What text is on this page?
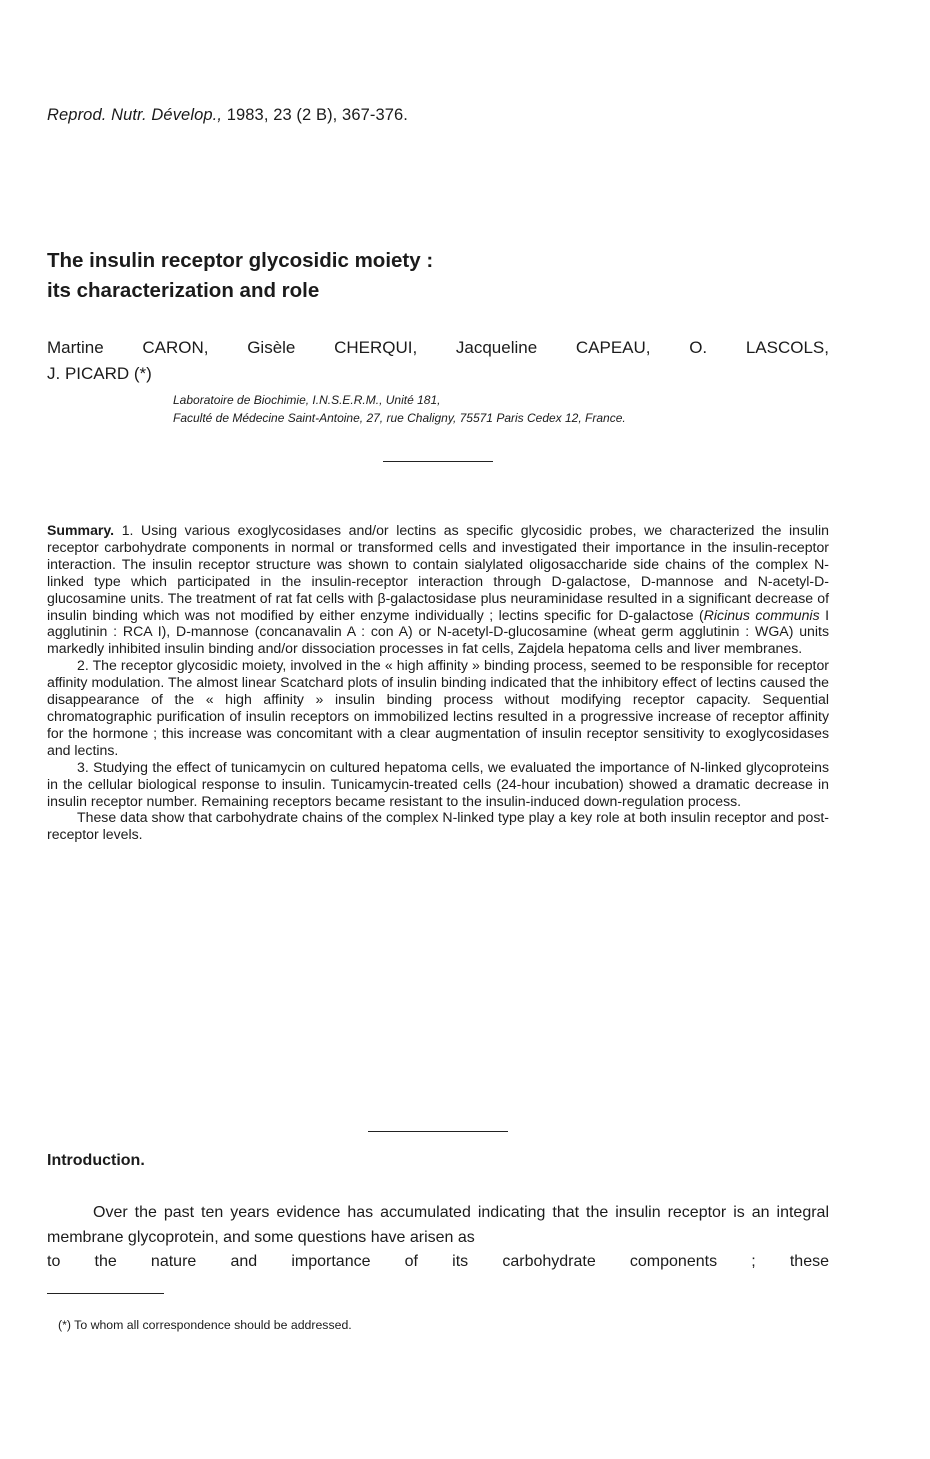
Reprod. Nutr. Dévelop., 1983, 23 (2 B), 367-376.
The insulin receptor glycosidic moiety :
its characterization and role
Martine CARON, Gisèle CHERQUI, Jacqueline CAPEAU, O. LASCOLS,
J. PICARD (*)
Laboratoire de Biochimie, I.N.S.E.R.M., Unité 181,
Faculté de Médecine Saint-Antoine, 27, rue Chaligny, 75571 Paris Cedex 12, France.

Summary. 1. Using various exoglycosidases and/or lectins as specific glycosidic probes, we characterized the insulin receptor carbohydrate components in normal or transformed cells and investigated their importance in the insulin-receptor interaction. The insulin receptor structure was shown to contain sialylated oligosaccharide side chains of the complex N-linked type which participated in the insulin-receptor interaction through D-galactose, D-mannose and N-acetyl-D-glucosamine units. The treatment of rat fat cells with β-galactosidase plus neuraminidase resulted in a significant decrease of insulin binding which was not modified by either enzyme individually ; lectins specific for D-galactose (Ricinus communis I agglutinin : RCA I), D-mannose (concanavalin A : con A) or N-acetyl-D-glucosamine (wheat germ agglutinin : WGA) units markedly inhibited insulin binding and/or dissociation processes in fat cells, Zajdela hepatoma cells and liver membranes.

2. The receptor glycosidic moiety, involved in the « high affinity » binding process, seemed to be responsible for receptor affinity modulation. The almost linear Scatchard plots of insulin binding indicated that the inhibitory effect of lectins caused the disappearance of the « high affinity » insulin binding process without modifying receptor capacity. Sequential chromatographic purification of insulin receptors on immobilized lectins resulted in a progressive increase of receptor affinity for the hormone ; this increase was concomitant with a clear augmentation of insulin receptor sensitivity to exoglycosidases and lectins.

3. Studying the effect of tunicamycin on cultured hepatoma cells, we evaluated the importance of N-linked glycoproteins in the cellular biological response to insulin. Tunicamycin-treated cells (24-hour incubation) showed a dramatic decrease in insulin receptor number. Remaining receptors became resistant to the insulin-induced down-regulation process.

These data show that carbohydrate chains of the complex N-linked type play a key role at both insulin receptor and post-receptor levels.

Introduction.
Over the past ten years evidence has accumulated indicating that the insulin receptor is an integral membrane glycoprotein, and some questions have arisen as
to the nature and importance of its carbohydrate components ; these
(*) To whom all correspondence should be addressed.
